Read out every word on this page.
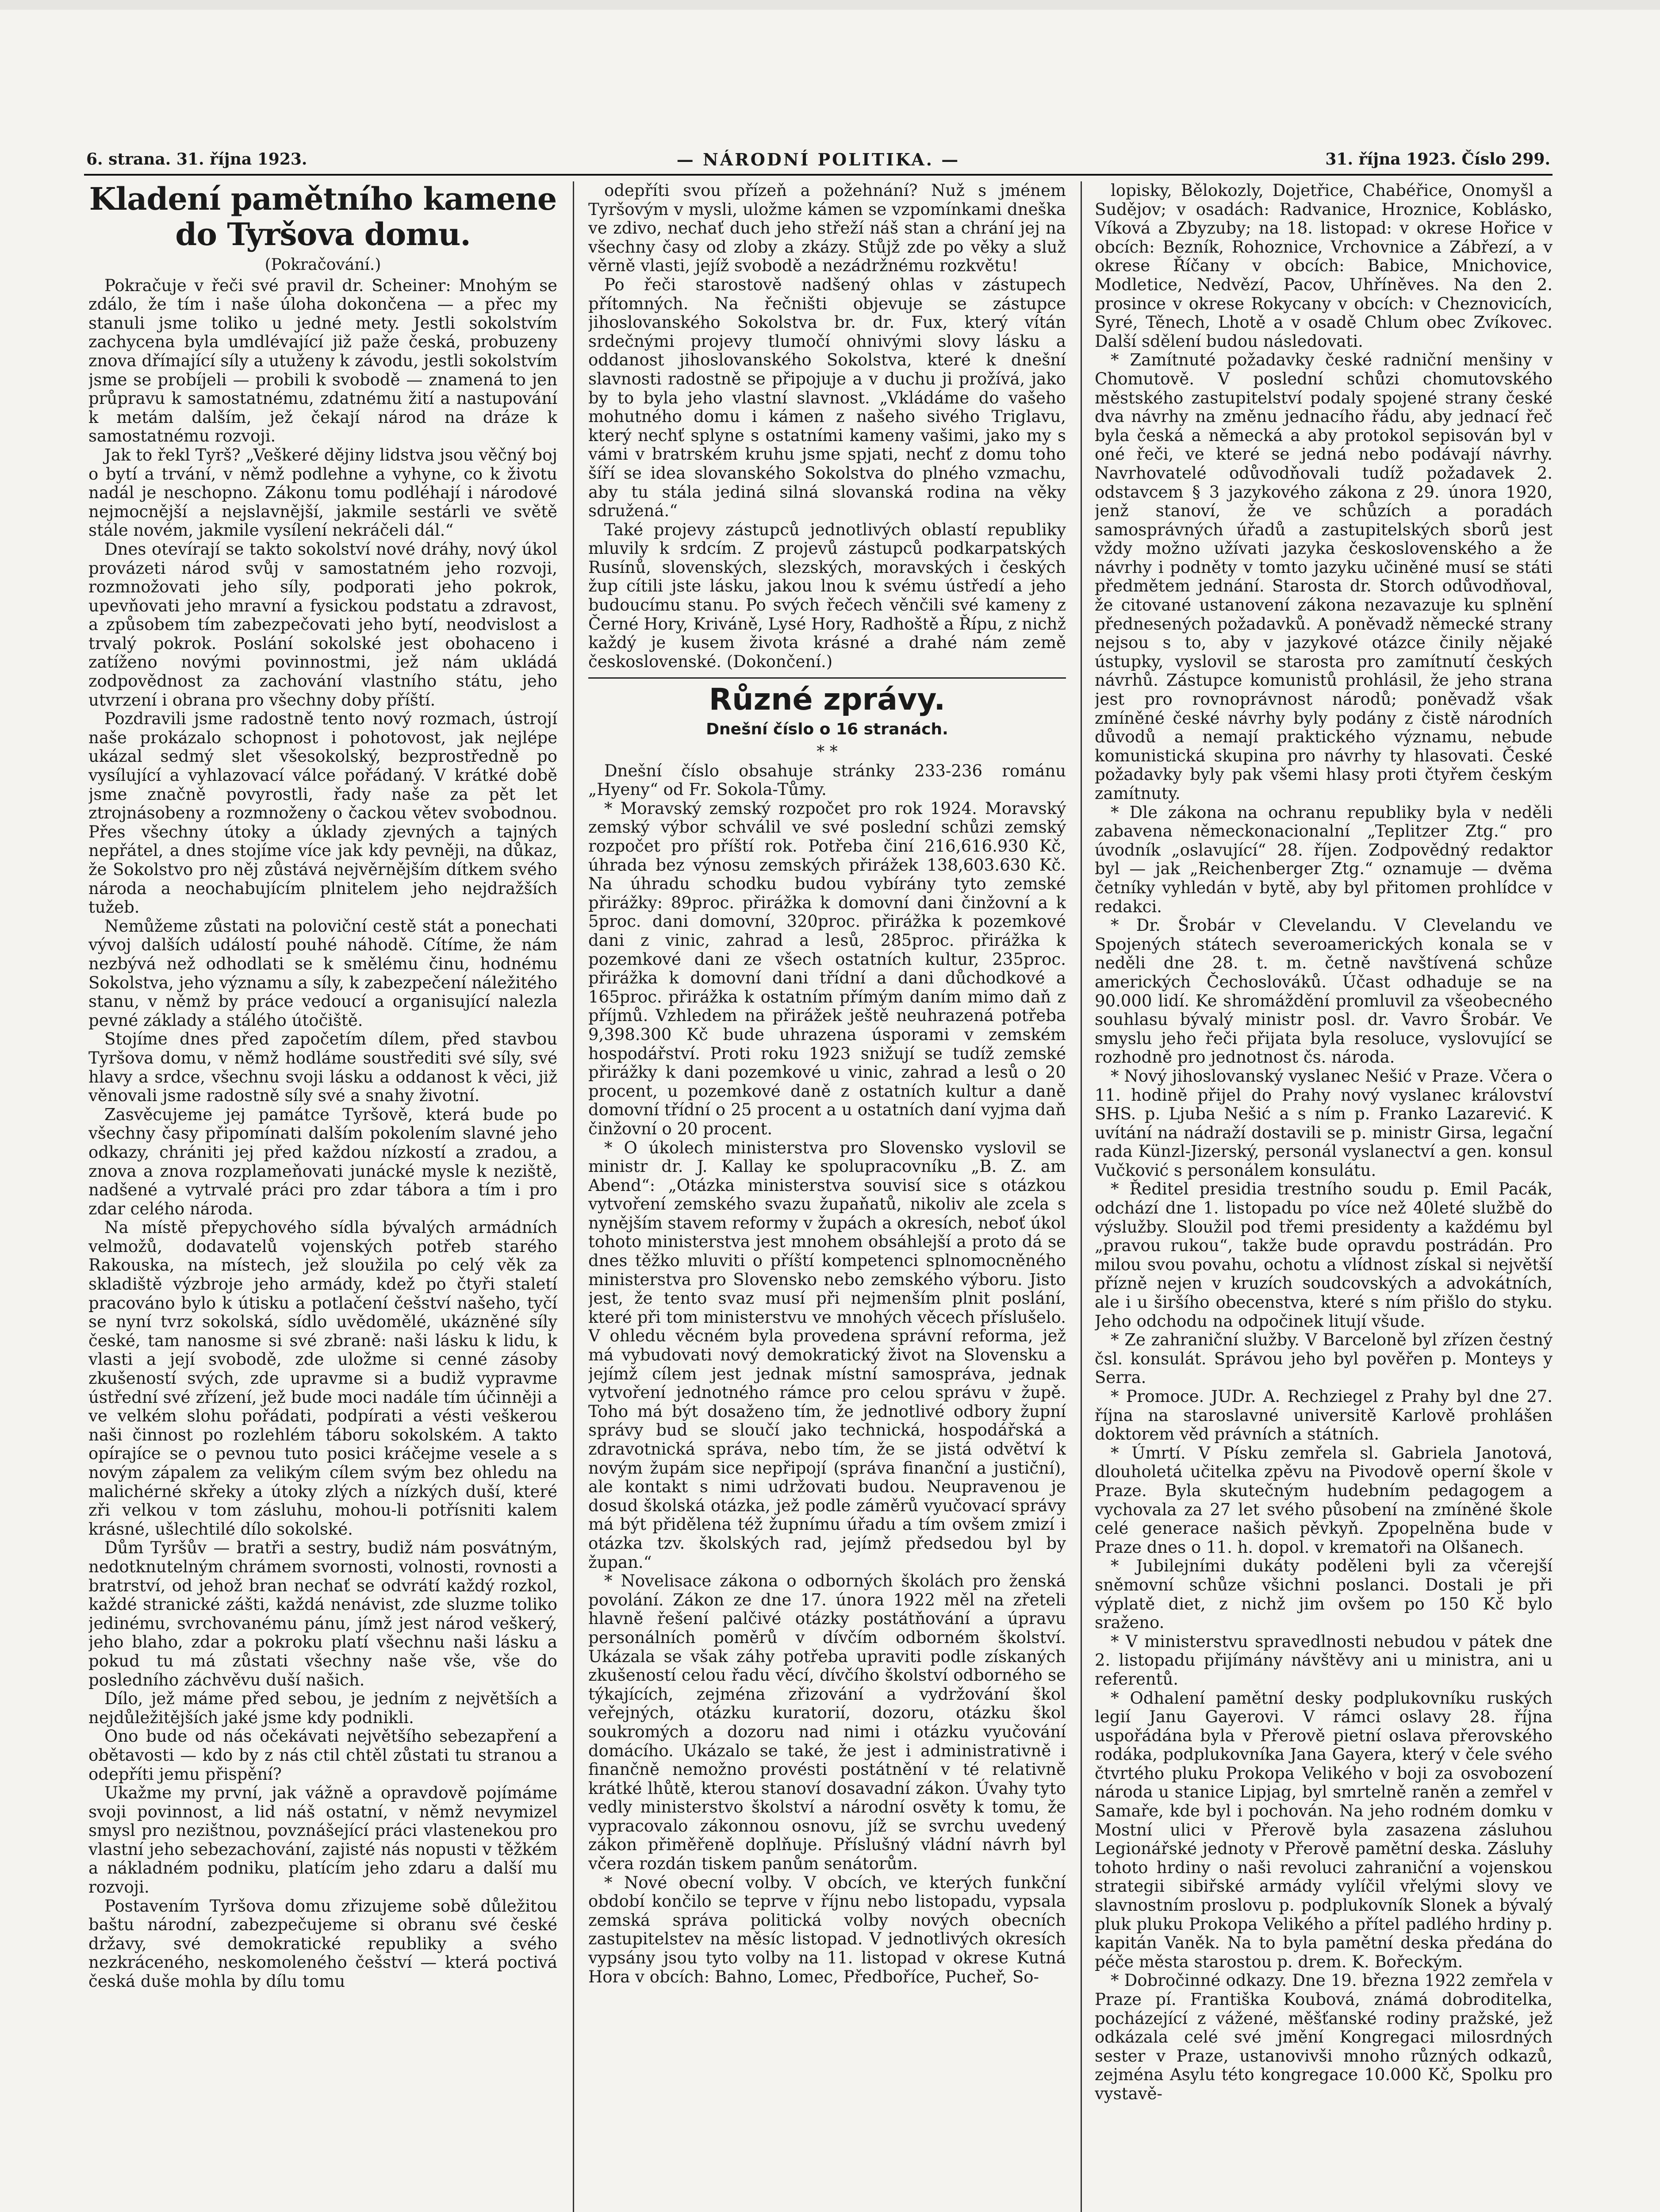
6. strana. 31. října 1923.	— NÁRODNÍ POLITIKA. —	31. října 1923. Číslo 299.
Kladení pamětního kamene do Tyršova domu.
(Pokračování.)

Pokračuje v řeči své pravil dr. Scheiner: Mnohým se zdálo, že tím i naše úloha dokončena — a přec my stanuli jsme toliko u jedné mety. Jestli sokolstvím zachycena byla umdlévající již paže česká, probuzeny znova dřímající síly a utuženy k závodu, jestli sokolstvím jsme se probíjeli — probili k svobodě — znamená to jen průpravu k samostatnému, zdatnému žití a nastupování k metám dalším, jež čekají národ na dráze k samostatnému rozvoji.

Jak to řekl Tyrš? „Veškeré dějiny lidstva jsou věčný boj o bytí a trvání, v němž podlehne a vyhyne, co k životu nadál je neschopno. Zákonu tomu podléhají i národové nejmocnější a nejslavnější, jakmile sestárli ve světě stále novém, jakmile vysílení nekráčeli dál.“

Dnes otevírají se takto sokolství nové dráhy, nový úkol provázeti národ svůj v samostatném jeho rozvoji, rozmnožovati jeho síly, podporati jeho pokrok, upevňovati jeho mravní a fysickou podstatu a zdravost, a způsobem tím zabezpečovati jeho bytí, neodvislost a trvalý pokrok. Poslání sokolské jest obohaceno i zatíženo novými povinnostmi, jež nám ukládá zodpovědnost za zachování vlastního státu, jeho utvrzení i obrana pro všechny doby příští.

Pozdravili jsme radostně tento nový rozmach, ústrojí naše prokázalo schopnost i pohotovost, jak nejlépe ukázal sedmý slet všesokolský, bezprostředně po vysílující a vyhlazovací válce pořádaný. V krátké době jsme značně povyrostli, řady naše za pět let ztrojnásobeny a rozmnoženy o čackou větev svobodnou. Přes všechny útoky a úklady zjevných a tajných nepřátel, a dnes stojíme více jak kdy pevněji, na důkaz, že Sokolstvo pro něj zůstává nejvěrnějším dítkem svého národa a neochabujícím plnitelem jeho nejdražších tužeb.

Nemůžeme zůstati na poloviční cestě stát a ponechati vývoj dalších událostí pouhé náhodě. Cítíme, že nám nezbývá než odhodlati se k smělému činu, hodnému Sokolstva, jeho významu a síly, k zabezpečení náležitého stanu, v němž by práce vedoucí a organisující nalezla pevné základy a stálého útočiště.

Stojíme dnes před započetím dílem, před stavbou Tyršova domu, v němž hodláme soustřediti své síly, své hlavy a srdce, všechnu svoji lásku a oddanost k věci, již věnovali jsme radostně síly své a snahy životní.

Zasvěcujeme jej památce Tyršově, která bude po všechny časy připomínati dalším pokolením slavné jeho odkazy, chrániti jej před každou nízkostí a zradou, a znova a znova rozplameňovati junácké mysle k neziště, nadšené a vytrvalé práci pro zdar tábora a tím i pro zdar celého národa.

Na místě přepychového sídla bývalých armádních velmožů, dodavatelů vojenských potřeb starého Rakouska, na místech, jež sloužila po celý věk za skladiště výzbroje jeho armády, kdež po čtyři staletí pracováno bylo k útisku a potlačení češství našeho, tyčí se nyní tvrz sokolská, sídlo uvědomělé, ukázněné síly české, tam nanosme si své zbraně: naši lásku k lidu, k vlasti a její svobodě, zde uložme si cenné zásoby zkušeností svých, zde upravme si a budiž vypravme ústřední své zřízení, jež bude moci nadále tím účinněji a ve velkém slohu pořádati, podpírati a vésti veškerou naši činnost po rozlehlém táboru sokolském. A takto opírajíce se o pevnou tuto posici kráčejme vesele a s novým zápalem za velikým cílem svým bez ohledu na malichérné skřeky a útoky zlých a nízkých duší, které zři velkou v tom zásluhu, mohou-li potřísniti kalem krásné, ušlechtilé dílo sokolské.

Dům Tyršův — bratři a sestry, budiž nám posvátným, nedotknutelným chrámem svornosti, volnosti, rovnosti a bratrství, od jehož bran nechať se odvrátí každý rozkol, každé stranické zášti, každá nenávist, zde sluzme toliko jedinému, svrchovanému pánu, jímž jest národ veškerý, jeho blaho, zdar a pokroku platí všechnu naši lásku a pokud tu má zůstati všechny naše vše, vše do posledního záchvěvu duší našich.

Dílo, jež máme před sebou, je jedním z největších a nejdůležitějších jaké jsme kdy podnikli.

Ono bude od nás očekávati největšího sebezapření a obětavosti — kdo by z nás ctil chtěl zůstati tu stranou a odepříti jemu přispění?

Ukažme my první, jak vážně a opravdově pojímáme svoji povinnost, a lid náš ostatní, v němž nevymizel smysl pro nezištnou, povznášející práci vlastenekou pro vlastní jeho sebezachování, zajisté nás nopusti v těžkém a nákladném podniku, platícím jeho zdaru a další mu rozvoji.

Postavením Tyršova domu zřizujeme sobě důležitou baštu národní, zabezpečujeme si obranu své české državy, své demokratické republiky a svého nezkráceného, neskomoleného češství — která poctivá česká duše mohla by dílu tomu

odepříti svou přízeň a požehnání? Nuž s jménem Tyršovým v mysli, uložme kámen se vzpomínkami dneška ve zdivo, nechať duch jeho střeží náš stan a chrání jej na všechny časy od zloby a zkázy. Stůjž zde po věky a služ věrně vlasti, jejíž svobodě a nezádržnému rozkvětu!

Po řeči starostově nadšený ohlas v zástupech přítomných. Na řečništi objevuje se zástupce jihoslovanského Sokolstva br. dr. Fux, který vítán srdečnými projevy tlumočí ohnivými slovy lásku a oddanost jihoslovanského Sokolstva, které k dnešní slavnosti radostně se připojuje a v duchu ji prožívá, jako by to byla jeho vlastní slavnost. „Vkládáme do vašeho mohutného domu i kámen z našeho sivého Triglavu, který nechť splyne s ostatními kameny vašimi, jako my s vámi v bratrském kruhu jsme spjati, nechť z domu toho šíří se idea slovanského Sokolstva do plného vzmachu, aby tu stála jediná silná slovanská rodina na věky sdružená.“

Také projevy zástupců jednotlivých oblastí republiky mluvily k srdcím. Z projevů zástupců podkarpatských Rusínů, slovenských, slezských, moravských i českých žup cítili jste lásku, jakou lnou k svému ústředí a jeho budoucímu stanu. Po svých řečech věnčili své kameny z Černé Hory, Kriváně, Lysé Hory, Radhoště a Řípu, z nichž každý je kusem života krásné a drahé nám země československé. (Dokončení.)

Různé zprávy.
Dnešní číslo o 16 stranách.
* *

Dnešní číslo obsahuje stránky 233-236 románu „Hyeny“ od Fr. Sokola-Tůmy.

* Moravský zemský rozpočet pro rok 1924. Moravský zemský výbor schválil ve své poslední schůzi zemský rozpočet pro příští rok. Potřeba činí 216,616.930 Kč, úhrada bez výnosu zemských přirážek 138,603.630 Kč. Na úhradu schodku budou vybírány tyto zemské přirážky: 89proc. přirážka k domovní dani činžovní a k 5proc. dani domovní, 320proc. přirážka k pozemkové dani z vinic, zahrad a lesů, 285proc. přirážka k pozemkové dani ze všech ostatních kultur, 235proc. přirážka k domovní dani třídní a dani důchodkové a 165proc. přirážka k ostatním přímým daním mimo daň z příjmů. Vzhledem na přirážek ještě neuhrazená potřeba 9,398.300 Kč bude uhrazena úsporami v zemském hospodářství. Proti roku 1923 snižují se tudíž zemské přirážky k dani pozemkové u vinic, zahrad a lesů o 20 procent, u pozemkové daně z ostatních kultur a daně domovní třídní o 25 procent a u ostatních daní vyjma daň činžovní o 20 procent.

* O úkolech ministerstva pro Slovensko vyslovil se ministr dr. J. Kallay ke spolupracovníku „B. Z. am Abend“: „Otázka ministerstva souvisí sice s otázkou vytvoření zemského svazu župaňatů, nikoliv ale zcela s nynějším stavem reformy v župách a okresích, neboť úkol tohoto ministerstva jest mnohem obsáhlejší a proto dá se dnes těžko mluviti o příští kompetenci splnomocněného ministerstva pro Slovensko nebo zemského výboru. Jisto jest, že tento svaz musí při nejmenším plnit poslání, které při tom ministerstvu ve mnohých věcech příslušelo. V ohledu věcném byla provedena správní reforma, jež má vybudovati nový demokratický život na Slovensku a jejímž cílem jest jednak místní samospráva, jednak vytvoření jednotného rámce pro celou správu v župě. Toho má být dosaženo tím, že jednotlivé odbory župní správy bud se sloučí jako technická, hospodářská a zdravotnická správa, nebo tím, že se jistá odvětví k novým župám sice nepřipojí (správa finanční a justiční), ale kontakt s nimi udržovati budou. Neupravenou je dosud školská otázka, jež podle záměrů vyučovací správy má být přidělena též župnímu úřadu a tím ovšem zmizí i otázka tzv. školských rad, jejímž předsedou byl by župan.“

* Novelisace zákona o odborných školách pro ženská povolání. Zákon ze dne 17. února 1922 měl na zřeteli hlavně řešení palčivé otázky postátňování a úpravu personálních poměrů v dívčím odborném školství. Ukázala se však záhy potřeba upraviti podle získaných zkušeností celou řadu věcí, dívčího školství odborného se týkajících, zejména zřizování a vydržování škol veřejných, otázku kuratorií, dozoru, otázku škol soukromých a dozoru nad nimi i otázku vyučování domácího. Ukázalo se také, že jest i administrativně i finančně nemožno provésti postátnění v té relativně krátké lhůtě, kterou stanoví dosavadní zákon. Úvahy tyto vedly ministerstvo školství a národní osvěty k tomu, že vypracovalo zákonnou osnovu, jíž se svrchu uvedený zákon přiměřeně doplňuje. Příslušný vládní návrh byl včera rozdán tiskem panům senátorům.

* Nové obecní volby. V obcích, ve kterých funkční období končilo se teprve v říjnu nebo listopadu, vypsala zemská správa politická volby nových obecních zastupitelstev na měsíc listopad. V jednotlivých okresích vypsány jsou tyto volby na 11. listopad v okrese Kutná Hora v obcích: Bahno, Lomec, Předboříce, Pucheř, So-

lopisky, Bělokozly, Dojetřice, Chabéřice, Onomyšl a Sudějov; v osadách: Radvanice, Hroznice, Koblásko, Víková a Zbyzuby; na 18. listopad: v okrese Hořice v obcích: Bezník, Rohoznice, Vrchovnice a Zábřezí, a v okrese Říčany v obcích: Babice, Mnichovice, Modletice, Nedvězí, Pacov, Uhříněves. Na den 2. prosince v okrese Rokycany v obcích: v Cheznovicích, Syré, Těnech, Lhotě a v osadě Chlum obec Zvíkovec. Další sdělení budou následovati.

* Zamítnuté požadavky české radniční menšiny v Chomutově. V poslední schůzi chomutovského městského zastupitelství podaly spojené strany české dva návrhy na změnu jednacího řádu, aby jednací řeč byla česká a německá a aby protokol sepisován byl v oné řeči, ve které se jedná nebo podávají návrhy. Navrhovatelé odůvodňovali tudíž požadavek 2. odstavcem § 3 jazykového zákona z 29. února 1920, jenž stanoví, že ve schůzích a poradách samosprávných úřadů a zastupitelských sborů jest vždy možno užívati jazyka československého a že návrhy i podněty v tomto jazyku učiněné musí se státi předmětem jednání. Starosta dr. Storch odůvodňoval, že citované ustanovení zákona nezavazuje ku splnění přednesených požadavků. A poněvadž německé strany nejsou s to, aby v jazykové otázce činily nějaké ústupky, vyslovil se starosta pro zamítnutí českých návrhů. Zástupce komunistů prohlásil, že jeho strana jest pro rovnoprávnost národů; poněvadž však zmíněné české návrhy byly podány z čistě národních důvodů a nemají praktického významu, nebude komunistická skupina pro návrhy ty hlasovati. České požadavky byly pak všemi hlasy proti čtyřem českým zamítnuty.

* Dle zákona na ochranu republiky byla v neděli zabavena německonacionalní „Teplitzer Ztg.“ pro úvodník „oslavující“ 28. říjen. Zodpovědný redaktor byl — jak „Reichenberger Ztg.“ oznamuje — dvěma četníky vyhledán v bytě, aby byl přitomen prohlídce v redakci.

* Dr. Šrobár v Clevelandu. V Clevelandu ve Spojených státech severoamerických konala se v neděli dne 28. t. m. četně navštívená schůze amerických Čechoslováků. Účast odhaduje se na 90.000 lidí. Ke shromáždění promluvil za všeobecného souhlasu bývalý ministr posl. dr. Vavro Šrobár. Ve smyslu jeho řeči přijata byla resoluce, vyslovující se rozhodně pro jednotnost čs. národa.

* Nový jihoslovanský vyslanec Nešić v Praze. Včera o 11. hodině přijel do Prahy nový vyslanec království SHS. p. Ljuba Nešić a s ním p. Franko Lazarević. K uvítání na nádraží dostavili se p. ministr Girsa, legační rada Künzl-Jizerský, personál vyslanectví a gen. konsul Vučković s personálem konsulátu.

* Ředitel presidia trestního soudu p. Emil Pacák, odchází dne 1. listopadu po více než 40leté službě do výslužby. Sloužil pod třemi presidenty a každému byl „pravou rukou“, takže bude opravdu postrádán. Pro milou svou povahu, ochotu a vlídnost získal si největší přízně nejen v kruzích soudcovských a advokátních, ale i u širšího obecenstva, které s ním přišlo do styku. Jeho odchodu na odpočinek litují všude.

* Ze zahraniční služby. V Barceloně byl zřízen čestný čsl. konsulát. Správou jeho byl pověřen p. Monteys y Serra.

* Promoce. JUDr. A. Rechziegel z Prahy byl dne 27. října na staroslavné universitě Karlově prohlášen doktorem věd právních a státních.

* Úmrtí. V Písku zemřela sl. Gabriela Janotová, dlouholetá učitelka zpěvu na Pivodově operní škole v Praze. Byla skutečným hudebním pedagogem a vychovala za 27 let svého působení na zmíněné škole celé generace našich pěvkyň. Zpopelněna bude v Praze dnes o 11. h. dopol. v krematoři na Olšanech.

* Jubilejními dukáty poděleni byli za včerejší sněmovní schůze všichni poslanci. Dostali je při výplatě diet, z nichž jim ovšem po 150 Kč bylo sraženo.

* V ministerstvu spravedlnosti nebudou v pátek dne 2. listopadu přijímány návštěvy ani u ministra, ani u referentů.

* Odhalení pamětní desky podplukovníku ruských legií Janu Gayerovi. V rámci oslavy 28. října uspořádána byla v Přerově pietní oslava přerovského rodáka, podplukovníka Jana Gayera, který v čele svého čtvrtého pluku Prokopa Velikého v boji za osvobození národa u stanice Lipjag, byl smrtelně raněn a zemřel v Samaře, kde byl i pochován. Na jeho rodném domku v Mostní ulici v Přerově byla zasazena zásluhou Legionářské jednoty v Přerově pamětní deska. Zásluhy tohoto hrdiny o naši revoluci zahraniční a vojenskou strategii sibiřské armády vylíčil vřelými slovy ve slavnostním proslovu p. podplukovník Slonek a bývalý pluk pluku Prokopa Velikého a přítel padlého hrdiny p. kapitán Vaněk. Na to byla pamětní deska předána do péče města starostou p. drem. K. Bořeckým.

* Dobročinné odkazy. Dne 19. března 1922 zemřela v Praze pí. Františka Koubová, známá dobroditelka, pocházející z vážené, měšťanské rodiny pražské, jež odkázala celé své jmění Kongregaci milosrdných sester v Praze, ustanovivši mnoho různých odkazů, zejména Asylu této kongregace 10.000 Kč, Spolku pro vystavě-
